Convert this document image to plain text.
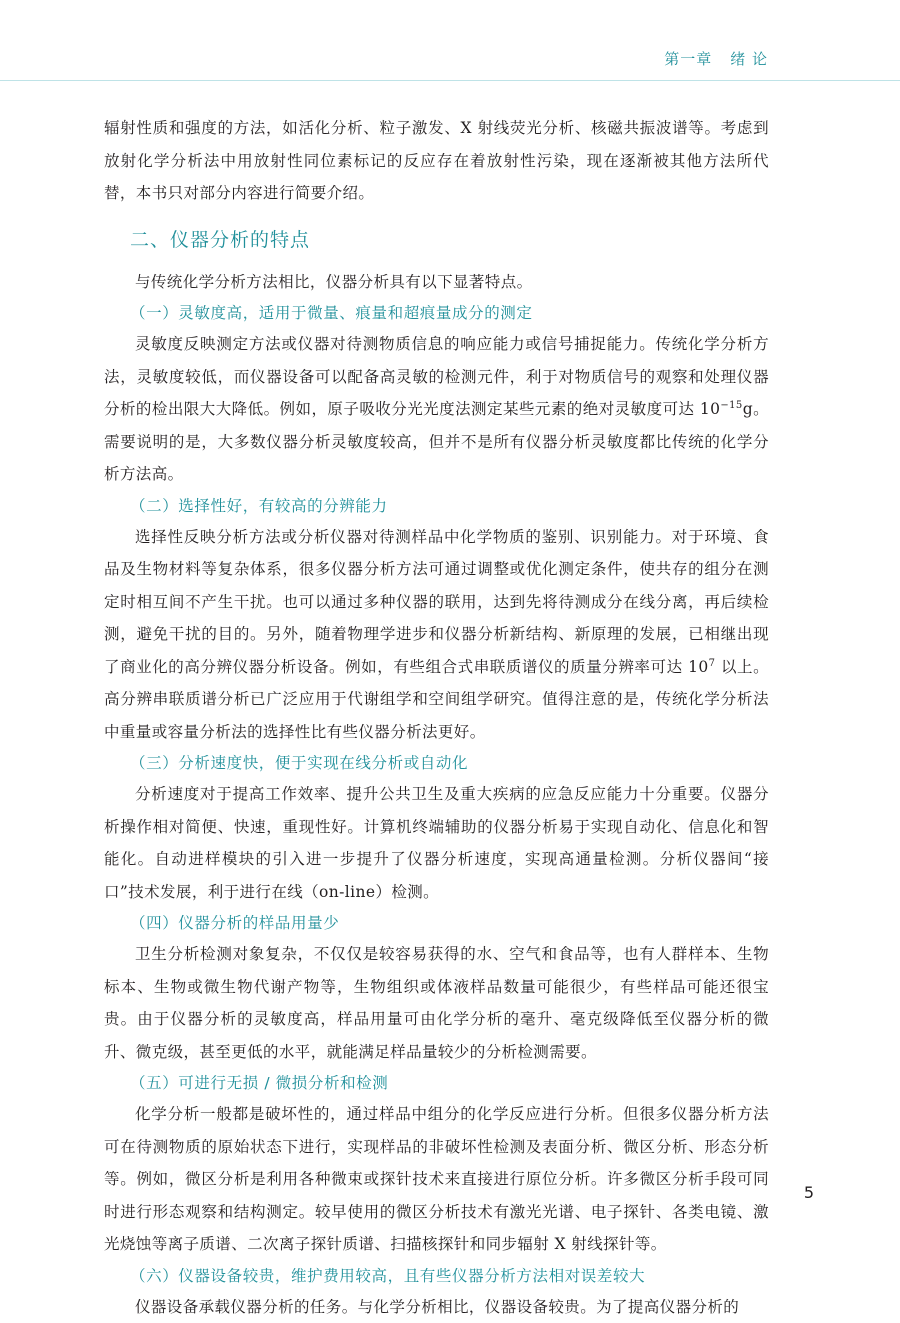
第一章 绪 论

辐射性质和强度的方法，如活化分析、粒子激发、X 射线荧光分析、核磁共振波谱等。考虑到放射化学分析法中用放射性同位素标记的反应存在着放射性污染，现在逐渐被其他方法所代替，本书只对部分内容进行简要介绍。

二、仪器分析的特点

与传统化学分析方法相比，仪器分析具有以下显著特点。

（一）灵敏度高，适用于微量、痕量和超痕量成分的测定

灵敏度反映测定方法或仪器对待测物质信息的响应能力或信号捕捉能力。传统化学分析方法，灵敏度较低，而仪器设备可以配备高灵敏的检测元件，利于对物质信号的观察和处理仪器分析的检出限大大降低。例如，原子吸收分光光度法测定某些元素的绝对灵敏度可达 $10^{-15}g$。需要说明的是，大多数仪器分析灵敏度较高，但并不是所有仪器分析灵敏度都比传统的化学分析方法高。

（二）选择性好，有较高的分辨能力

选择性反映分析方法或分析仪器对待测样品中化学物质的鉴别、识别能力。对于环境、食品及生物材料等复杂体系，很多仪器分析方法可通过调整或优化测定条件，使共存的组分在测定时相互间不产生干扰。也可以通过多种仪器的联用，达到先将待测成分在线分离，再后续检测，避免干扰的目的。另外，随着物理学进步和仪器分析新结构、新原理的发展，已相继出现了商业化的高分辨仪器分析设备。例如，有些组合式串联质谱仪的质量分辨率可达 $10^7$ 以上。高分辨串联质谱分析已广泛应用于代谢组学和空间组学研究。值得注意的是，传统化学分析法中重量或容量分析法的选择性比有些仪器分析法更好。

（三）分析速度快，便于实现在线分析或自动化

分析速度对于提高工作效率、提升公共卫生及重大疾病的应急反应能力十分重要。仪器分析操作相对简便、快速，重现性好。计算机终端辅助的仪器分析易于实现自动化、信息化和智能化。自动进样模块的引入进一步提升了仪器分析速度，实现高通量检测。分析仪器间“接口”技术发展，利于进行在线（on-line）检测。

（四）仪器分析的样品用量少

卫生分析检测对象复杂，不仅仅是较容易获得的水、空气和食品等，也有人群样本、生物标本、生物或微生物代谢产物等，生物组织或体液样品数量可能很少，有些样品可能还很宝贵。由于仪器分析的灵敏度高，样品用量可由化学分析的毫升、毫克级降低至仪器分析的微升、微克级，甚至更低的水平，就能满足样品量较少的分析检测需要。

（五）可进行无损 / 微损分析和检测

化学分析一般都是破坏性的，通过样品中组分的化学反应进行分析。但很多仪器分析方法可在待测物质的原始状态下进行，实现样品的非破坏性检测及表面分析、微区分析、形态分析等。例如，微区分析是利用各种微束或探针技术来直接进行原位分析。许多微区分析手段可同时进行形态观察和结构测定。较早使用的微区分析技术有激光光谱、电子探针、各类电镜、激光烧蚀等离子质谱、二次离子探针质谱、扫描核探针和同步辐射 X 射线探针等。

（六）仪器设备较贵，维护费用较高，且有些仪器分析方法相对误差较大

仪器设备承载仪器分析的任务。与化学分析相比，仪器设备较贵。为了提高仪器分析的

5
